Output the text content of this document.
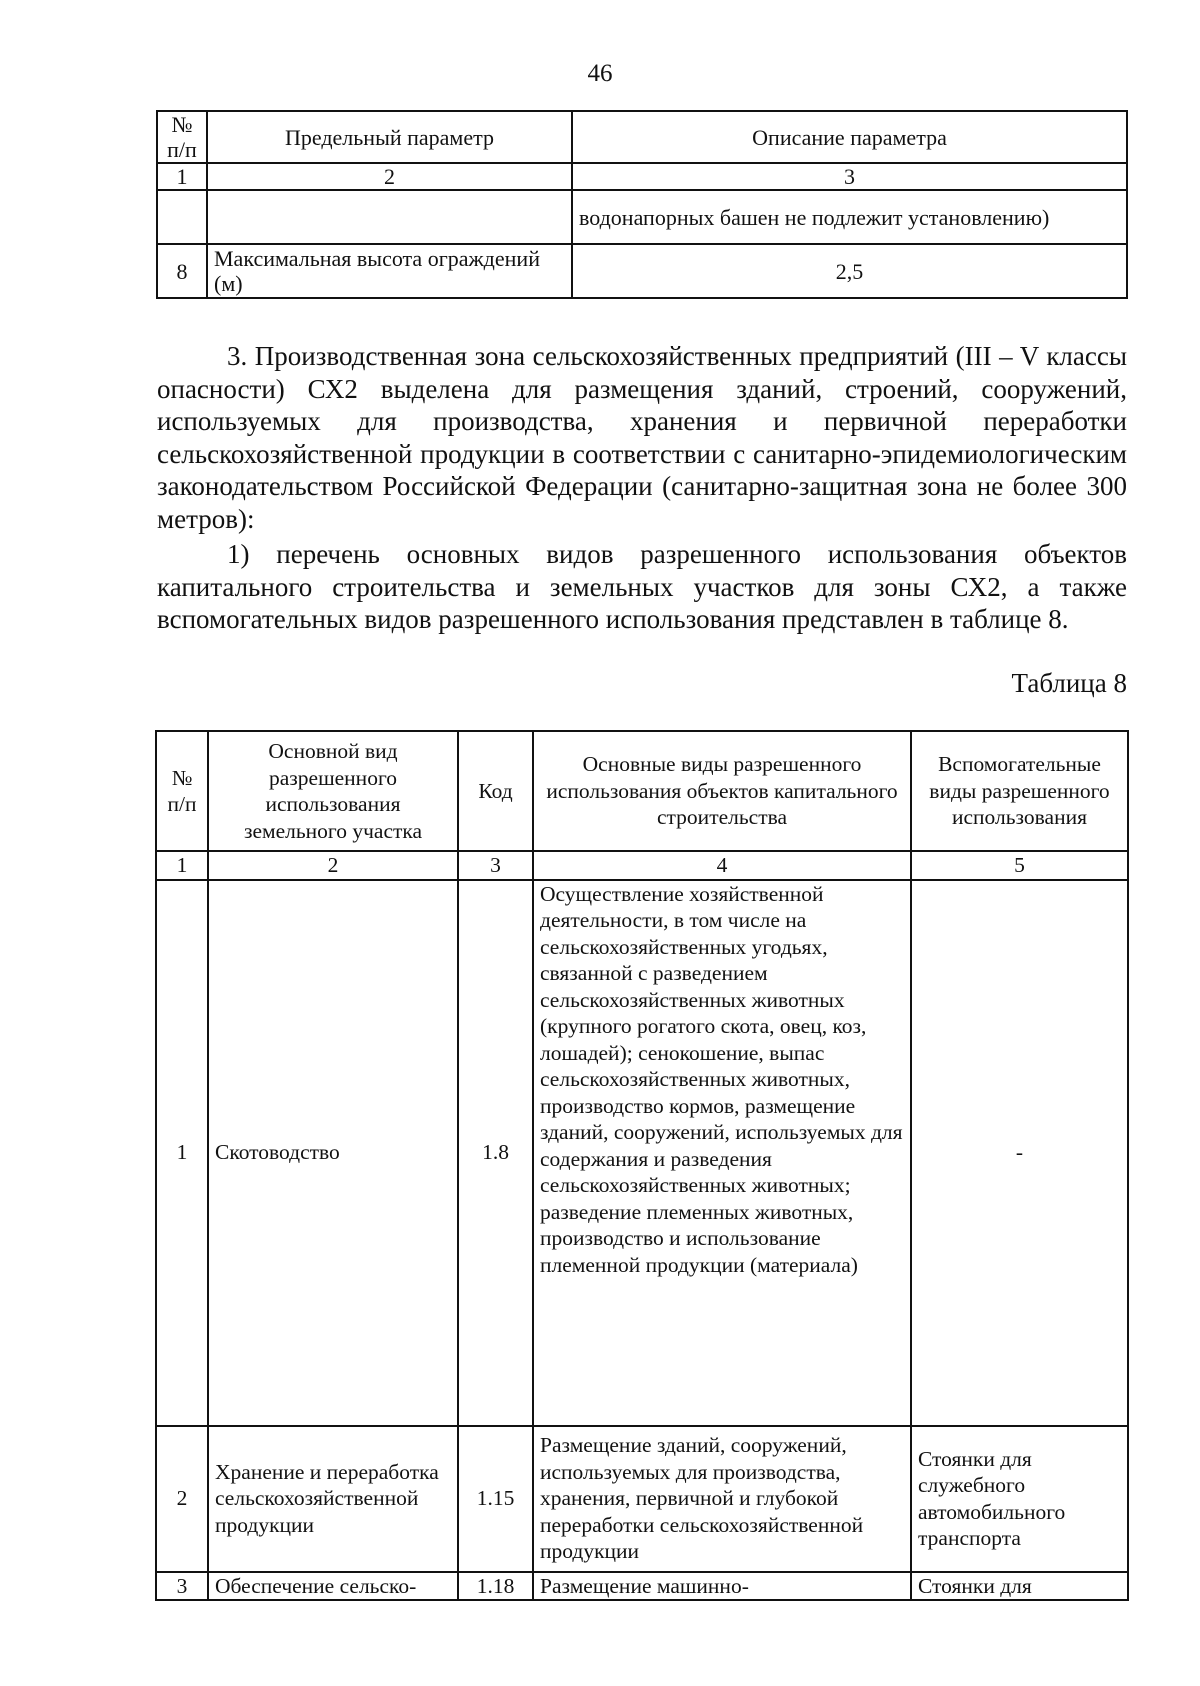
46
№ п/п	Предельный параметр	Описание параметра
1	2	3
		водонапорных башен не подлежит установлению)
8	Максимальная высота ограждений (м)	2,5

3. Производственная зона сельскохозяйственных предприятий (III – V классы опасности) СХ2 выделена для размещения зданий, строений, сооружений, используемых для производства, хранения и первичной переработки сельскохозяйственной продукции в соответствии с санитарно-эпидемиологическим законодательством Российской Федерации (санитарно-защитная зона не более 300 метров):

1) перечень основных видов разрешенного использования объектов капитального строительства и земельных участков для зоны СХ2, а также вспомогательных видов разрешенного использования представлен в таблице 8.

Таблица 8
№ п/п	Основной вид разрешенного использования земельного участка	Код	Основные виды разрешенного использования объектов капитального строительства	Вспомогательные виды разрешенного использования
1	2	3	4	5
1	Скотоводство	1.8	Осуществление хозяйственной деятельности, в том числе на сельскохозяйственных угодьях, связанной с разведением сельскохозяйственных животных (крупного рогатого скота, овец, коз, лошадей); сенокошение, выпас сельскохозяйственных животных, производство кормов, размещение зданий, сооружений, используемых для содержания и разведения сельскохозяйственных животных; разведение племенных животных, производство и использование племенной продукции (материала)	-
2	Хранение и переработка сельскохозяйственной продукции	1.15	Размещение зданий, сооружений, используемых для производства, хранения, первичной и глубокой переработки сельскохозяйственной продукции	Стоянки для служебного автомобильного транспорта
3	Обеспечение сельско-	1.18	Размещение машинно-	Стоянки для
